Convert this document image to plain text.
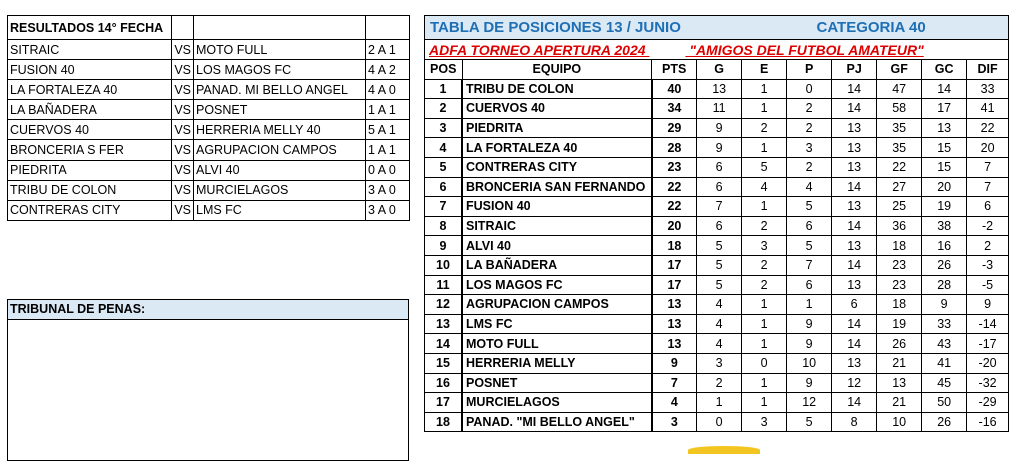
RESULTADOS 14° FECHA			
SITRAIC	VS	MOTO FULL	2 A 1
FUSION 40	VS	LOS MAGOS FC	4 A 2
LA FORTALEZA 40	VS	PANAD. MI BELLO ANGEL	4 A 0
LA BAÑADERA	VS	POSNET	1 A 1
CUERVOS 40	VS	HERRERIA MELLY 40	5 A 1
BRONCERIA S FER	VS	AGRUPACION CAMPOS	1 A 1
PIEDRITA	VS	ALVI 40	0 A 0
TRIBU DE COLON	VS	MURCIELAGOS	3 A 0
CONTRERAS CITY	VS	LMS FC	3 A 0
TRIBUNAL DE PENAS:
TABLA DE POSICIONES 13 / JUNIO CATEGORIA 40									

ADFA TORNEO APERTURA 2024 "AMIGOS DEL FUTBOL AMATEUR"									
POS	EQUIPO	PTS	G	E	P	PJ	GF	GC	DIF
1	TRIBU DE COLON	40	13	1	0	14	47	14	33
2	CUERVOS 40	34	11	1	2	14	58	17	41
3	PIEDRITA	29	9	2	2	13	35	13	22
4	LA FORTALEZA 40	28	9	1	3	13	35	15	20
5	CONTRERAS CITY	23	6	5	2	13	22	15	7
6	BRONCERIA SAN FERNANDO	22	6	4	4	14	27	20	7
7	FUSION 40	22	7	1	5	13	25	19	6
8	SITRAIC	20	6	2	6	14	36	38	-2
9	ALVI 40	18	5	3	5	13	18	16	2
10	LA BAÑADERA	17	5	2	7	14	23	26	-3
11	LOS MAGOS FC	17	5	2	6	13	23	28	-5
12	AGRUPACION CAMPOS	13	4	1	1	6	18	9	9
13	LMS FC	13	4	1	9	14	19	33	-14
14	MOTO FULL	13	4	1	9	14	26	43	-17
15	HERRERIA MELLY	9	3	0	10	13	21	41	-20
16	POSNET	7	2	1	9	12	13	45	-32
17	MURCIELAGOS	4	1	1	12	14	21	50	-29
18	PANAD. "MI BELLO ANGEL"	3	0	3	5	8	10	26	-16
